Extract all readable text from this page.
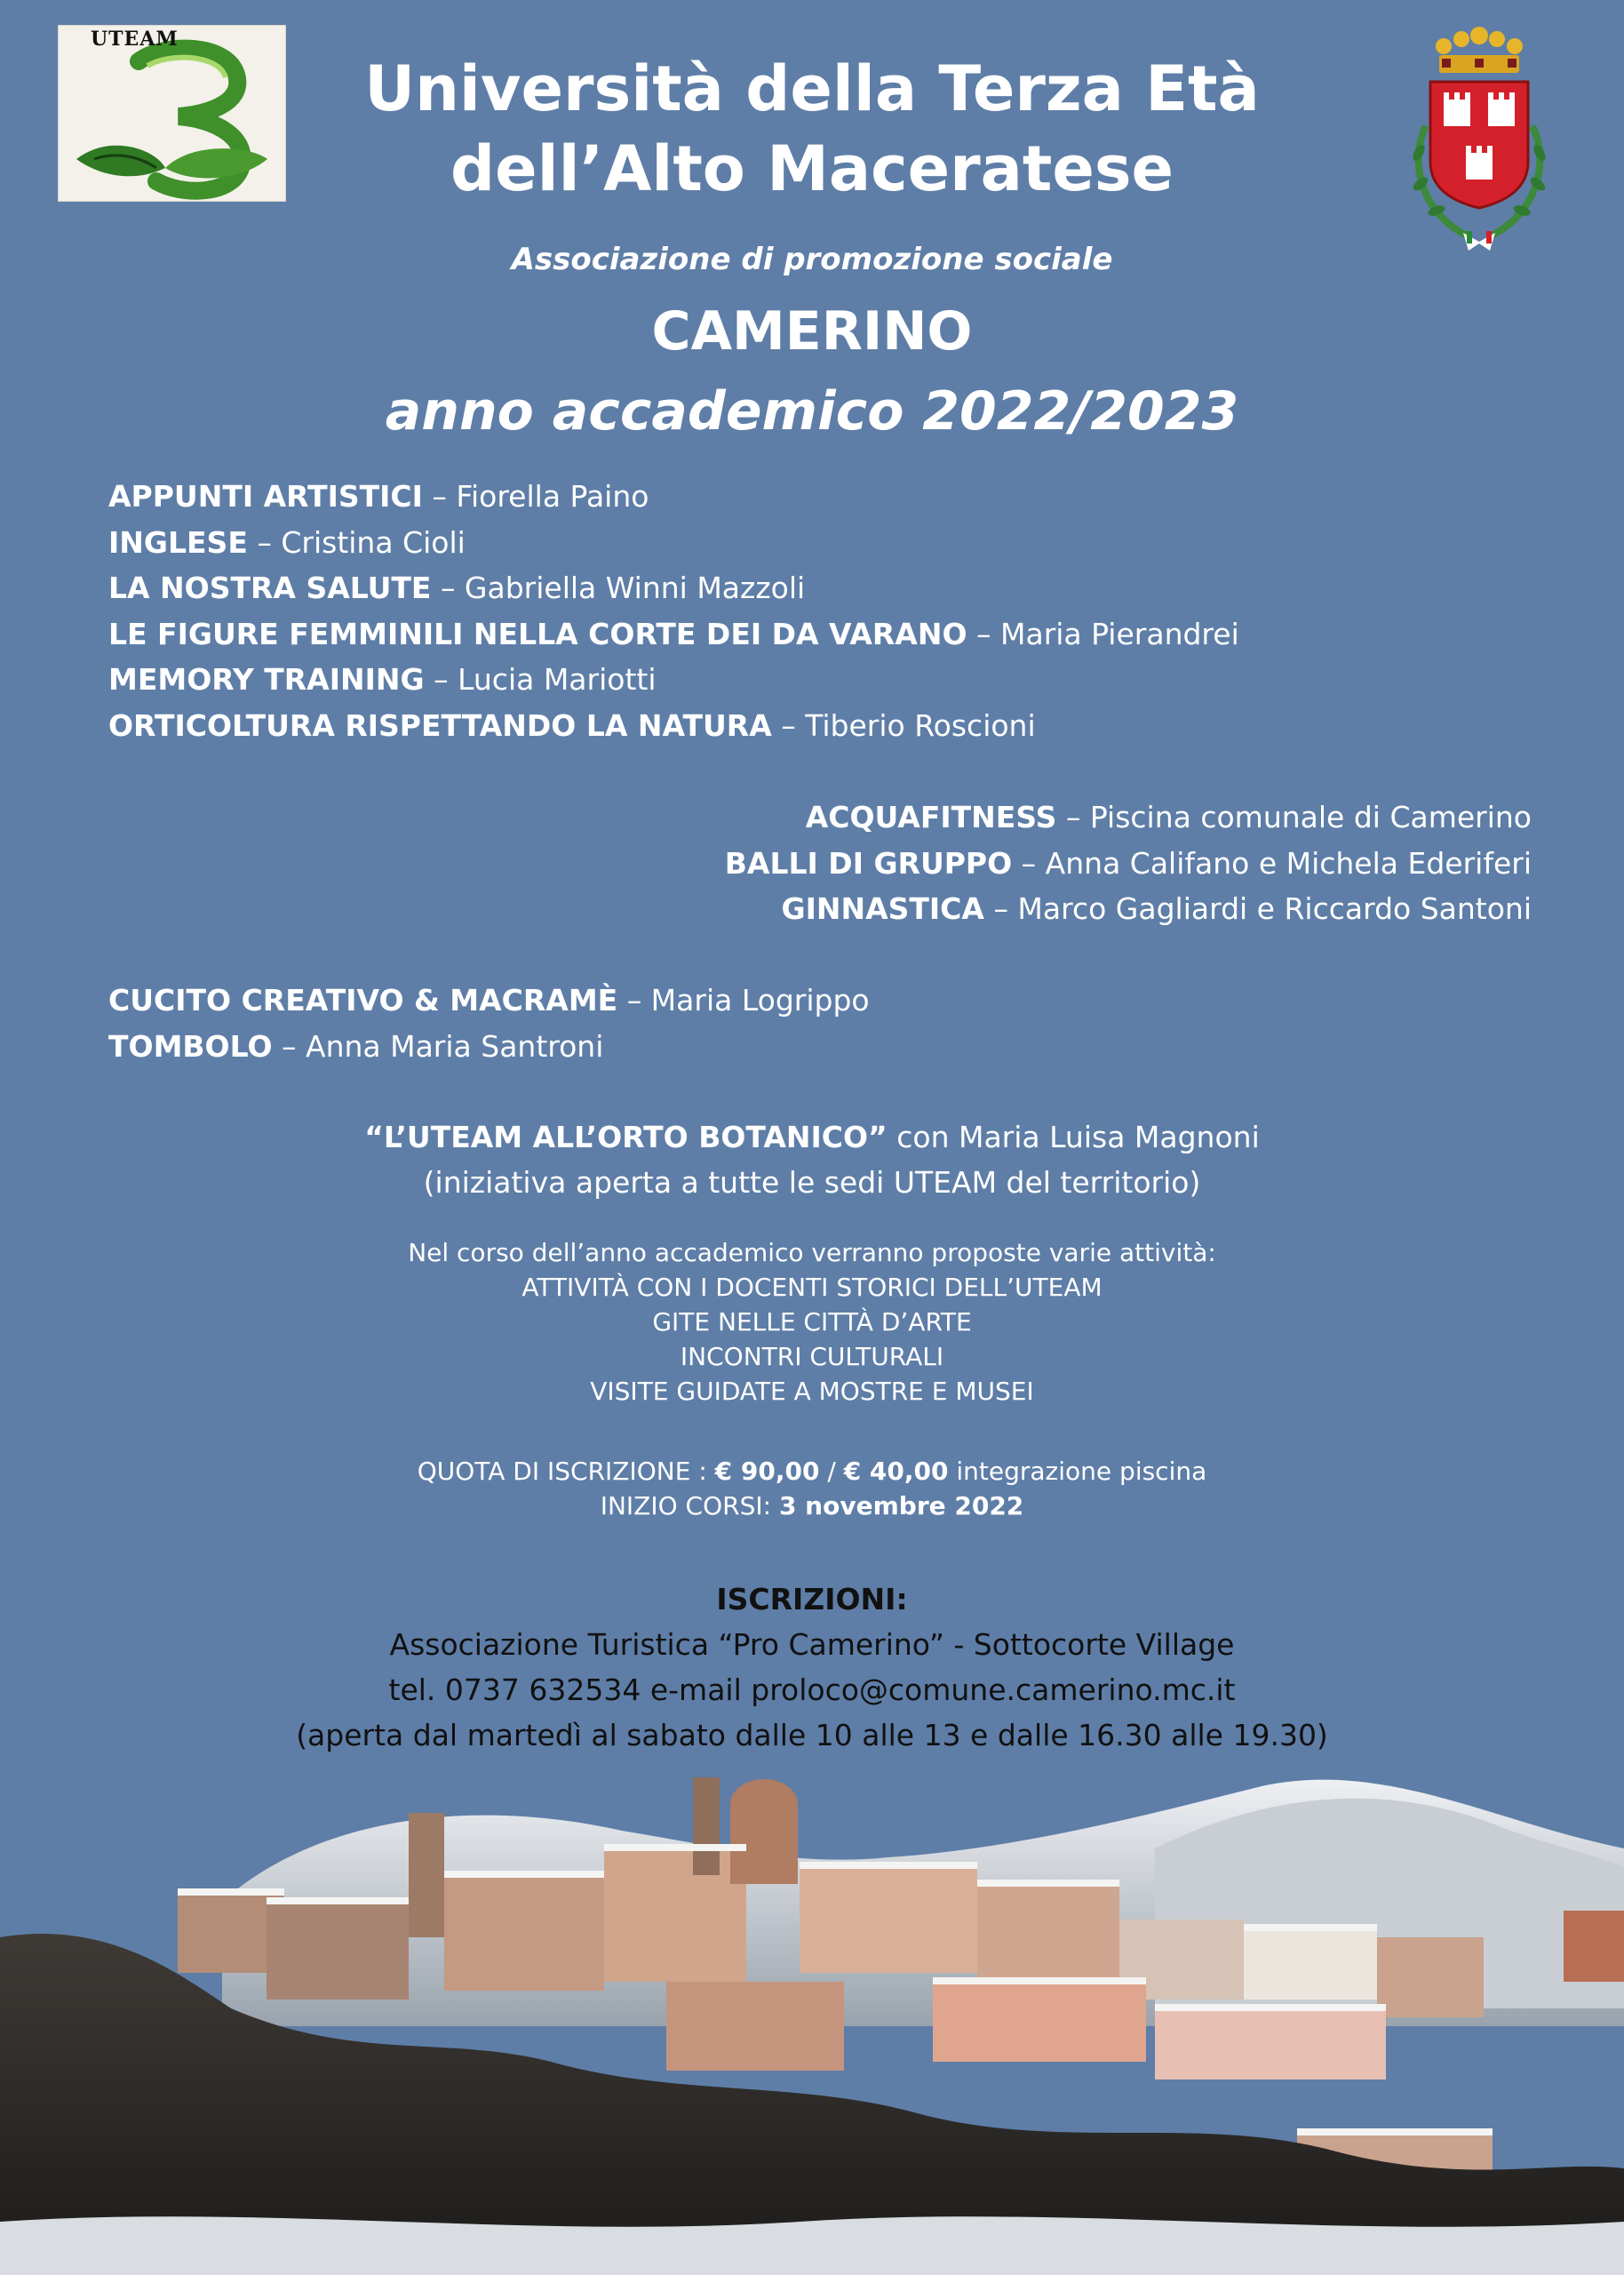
UTEAM
Università della Terza Età
dell’Alto Maceratese
Associazione di promozione sociale
CAMERINO
anno accademico 2022/2023
APPUNTI ARTISTICI – Fiorella Paino
INGLESE – Cristina Cioli
LA NOSTRA SALUTE – Gabriella Winni Mazzoli
LE FIGURE FEMMINILI NELLA CORTE DEI DA VARANO – Maria Pierandrei
MEMORY TRAINING – Lucia Mariotti
ORTICOLTURA RISPETTANDO LA NATURA – Tiberio Roscioni
ACQUAFITNESS – Piscina comunale di Camerino
BALLI DI GRUPPO – Anna Califano e Michela Ederiferi
GINNASTICA – Marco Gagliardi e Riccardo Santoni
CUCITO CREATIVO & MACRAMÈ – Maria Logrippo
TOMBOLO – Anna Maria Santroni
“L’UTEAM ALL’ORTO BOTANICO” con Maria Luisa Magnoni
(iniziativa aperta a tutte le sedi UTEAM del territorio)
Nel corso dell’anno accademico verranno proposte varie attività:
ATTIVITÀ CON I DOCENTI STORICI DELL’UTEAM
GITE NELLE CITTÀ D’ARTE
INCONTRI CULTURALI
VISITE GUIDATE A MOSTRE E MUSEI
QUOTA DI ISCRIZIONE : € 90,00 / € 40,00 integrazione piscina
INIZIO CORSI: 3 novembre 2022
ISCRIZIONI:
Associazione Turistica “Pro Camerino” - Sottocorte Village
tel. 0737 632534 e-mail proloco@comune.camerino.mc.it
(aperta dal martedì al sabato dalle 10 alle 13 e dalle 16.30 alle 19.30)
